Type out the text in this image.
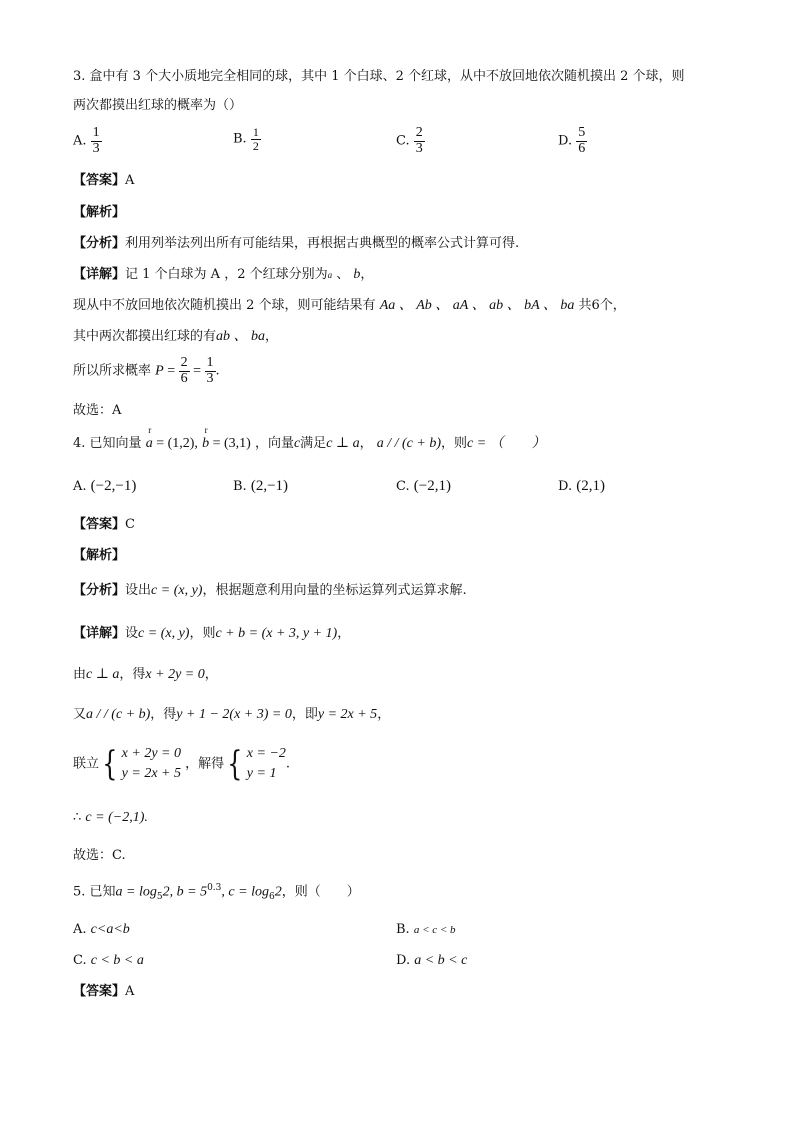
3. 盒中有 3 个大小质地完全相同的球，其中 1 个白球、2 个红球，从中不放回地依次随机摸出 2 个球，则
两次都摸出红球的概率为（）
A. $\frac{1}{3}$	B. $\frac{1}{2}$	C. $\frac{2}{3}$	D. $\frac{5}{6}$
【答案】A
【解析】
【分析】利用列举法列出所有可能结果，再根据古典概型的概率公式计算可得.
【详解】记 1 个白球为 A ，2 个红球分别为a 、 b，
现从中不放回地依次随机摸出 2 个球，则可能结果有 Aa 、 Ab 、 aA 、 ab 、 bA 、 ba 共6个，
其中两次都摸出红球的有ab 、 ba，
所以所求概率 $P = \frac{2}{6} = \frac{1}{3}$ .
故选：A
4. 已知向量
r
a = (1,2),
r
b = (3,1) ，向量c满足c ⊥ a， a / / (c + b)，则c = （　　）
A. (−2,−1)	B. (2,−1)	C. (−2,1)	D. (2,1)
【答案】C
【解析】
【分析】设出c = (x, y)，根据题意利用向量的坐标运算列式运算求解.
【详解】设c = (x, y)，则c + b = (x + 3, y + 1)，
由c ⊥ a，得x + 2y = 0，
又a / / (c + b)，得y + 1 − 2(x + 3) = 0，即y = 2x + 5，
联立{ x + 2y = 0
y = 2x + 5
，解得{ x = −2
y = 1
.
∴ c = (−2,1).
故选：C.
5. 已知$a = \log_52$, $b = 5^{0.3}$, $c = \log_62$，则（　　）
A. c<a<b	B. a < c < b
C. c < b < a	D. a < b < c
【答案】A
